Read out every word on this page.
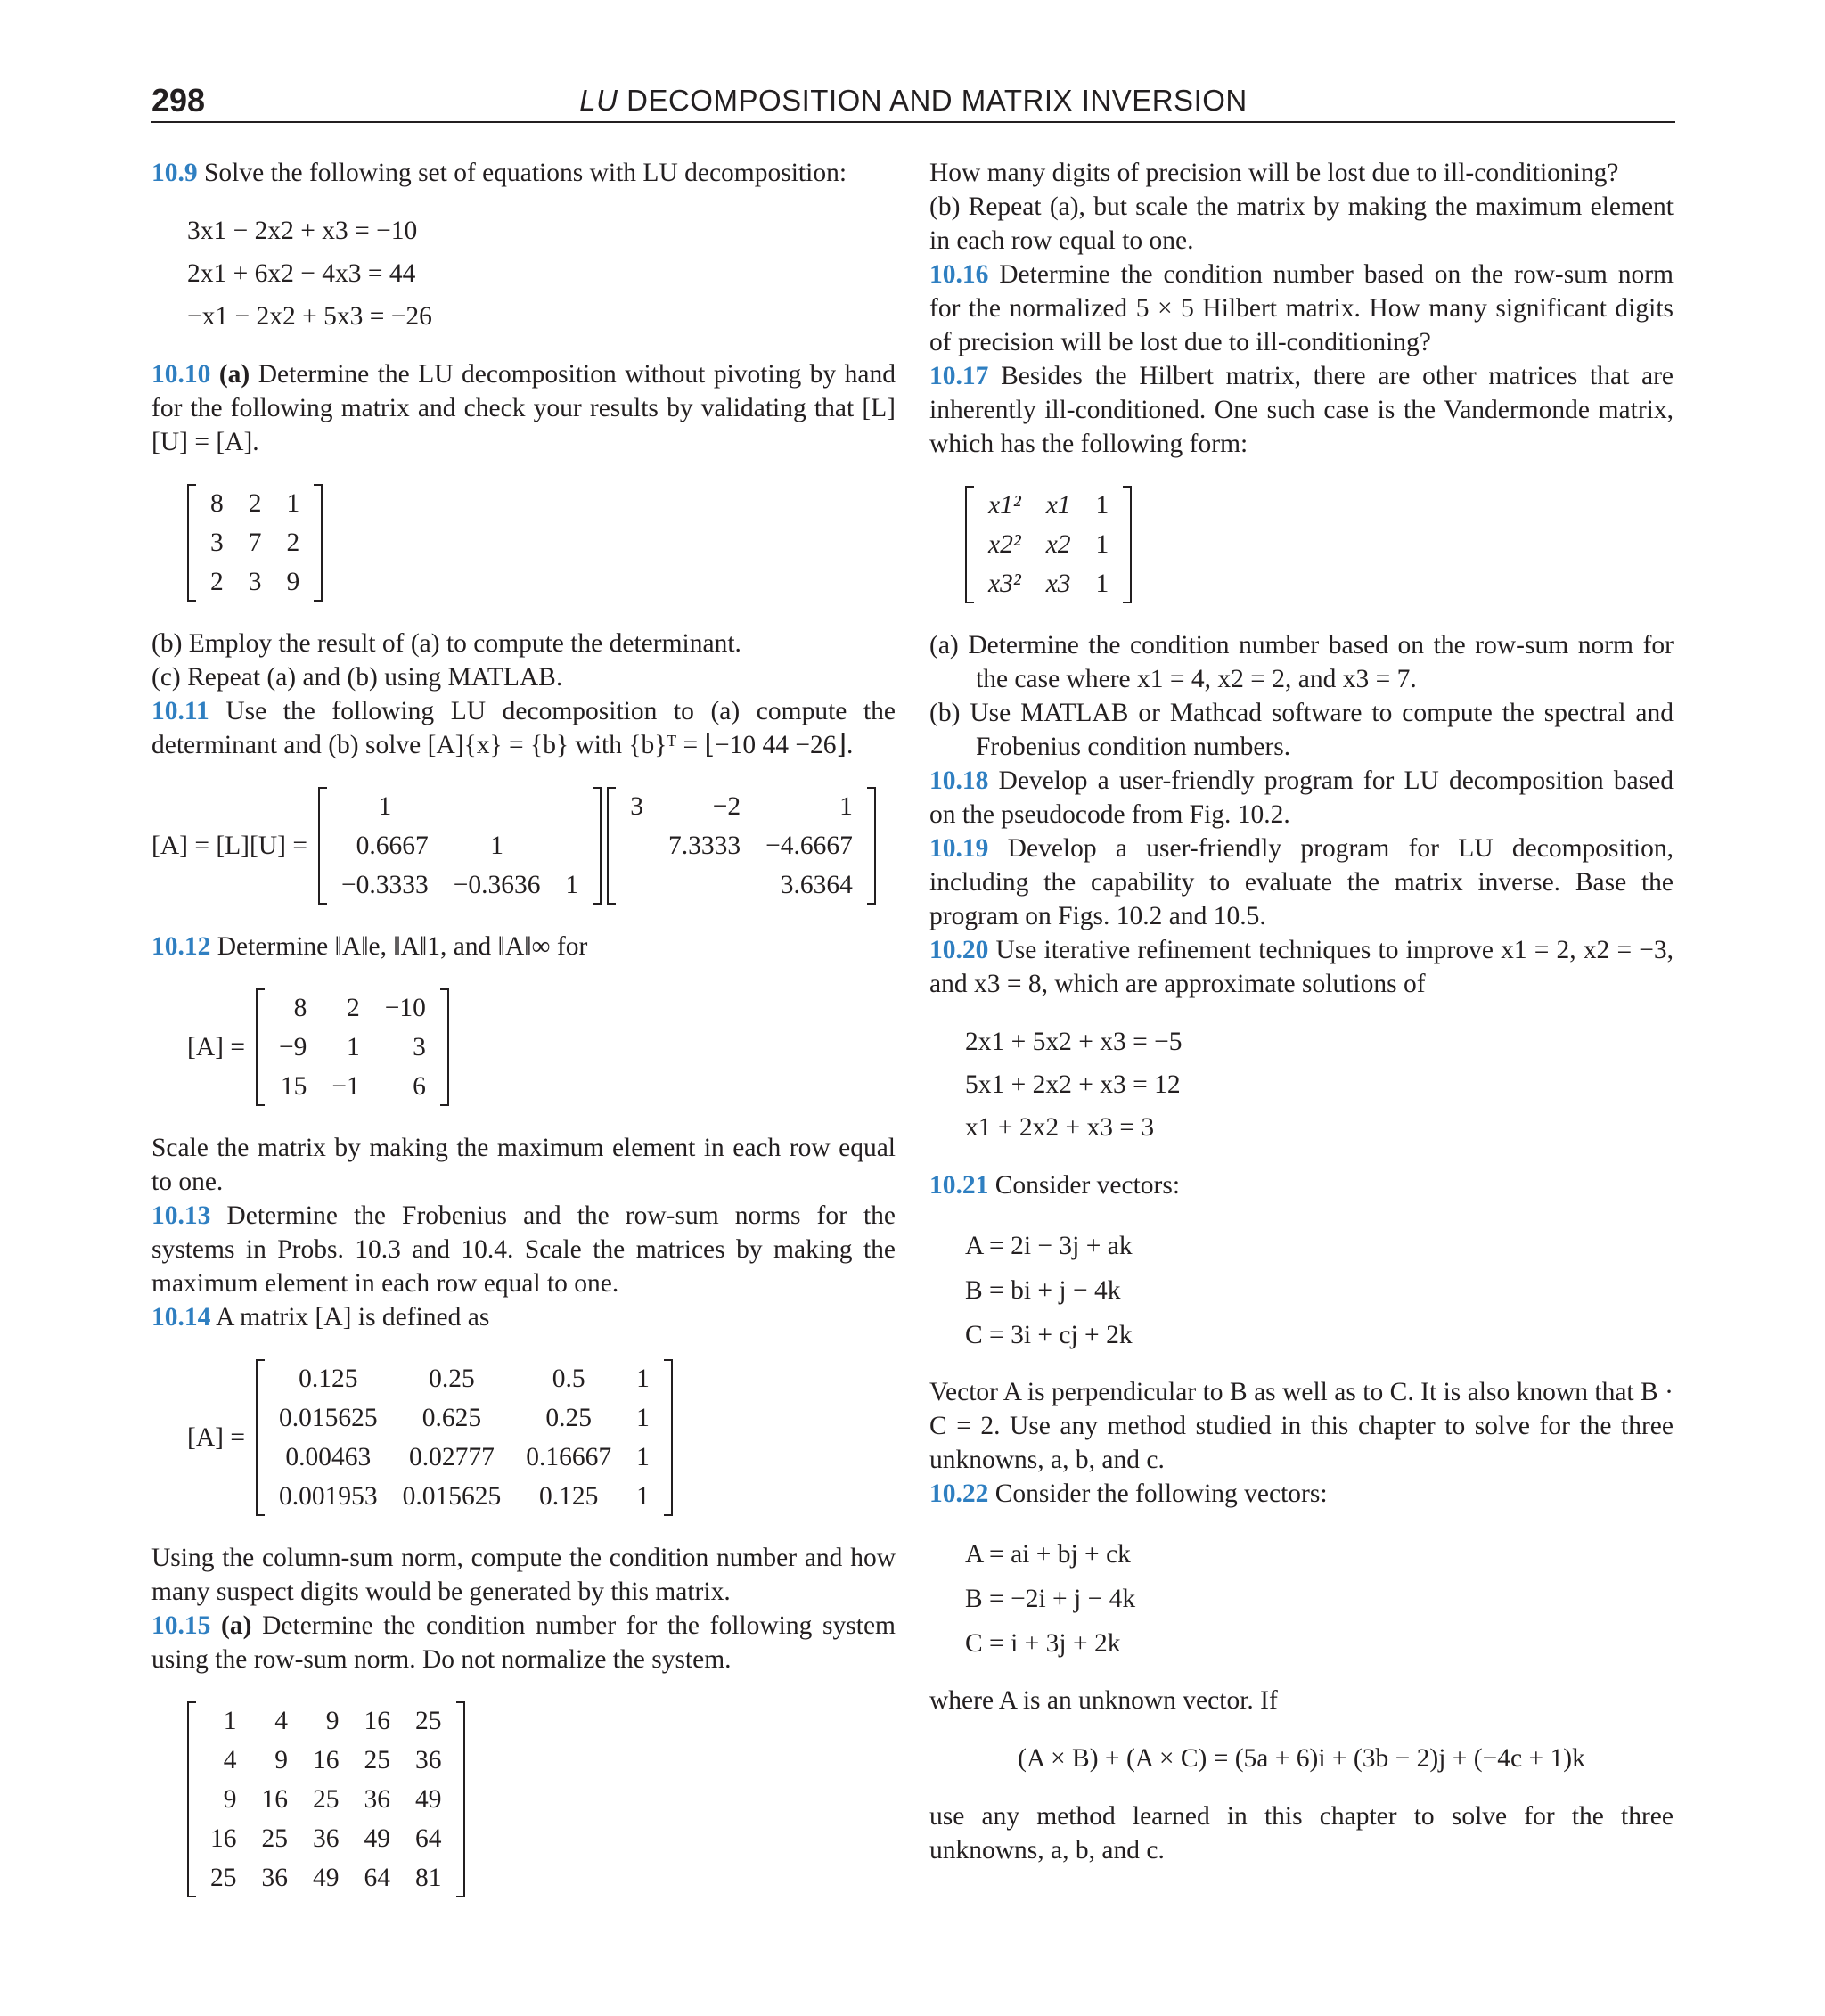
298	LU DECOMPOSITION AND MATRIX INVERSION

10.9 Solve the following set of equations with LU decomposition:

3x1 − 2x2 + x3 = −10
2x1 + 6x2 − 4x3 = 44
−x1 − 2x2 + 5x3 = −26

10.10 (a) Determine the LU decomposition without pivoting by hand for the following matrix and check your results by validating that [L][U] = [A].

8	2	1
3	7	2
2	3	9

(b) Employ the result of (a) to compute the determinant.

(c) Repeat (a) and (b) using MATLAB.

10.11 Use the following LU decomposition to (a) compute the determinant and (b) solve [A]{x} = {b} with {b}ᵀ = ⌊−10 44 −26⌋.

[A] = [L][U] =
1		
0.6667	1	
−0.3333	−0.3636	1
3	−2	1
	7.3333	−4.6667
		3.6364

10.12 Determine ‖A‖e, ‖A‖1, and ‖A‖∞ for

[A] =
8	2	−10
−9	1	3
15	−1	6

Scale the matrix by making the maximum element in each row equal to one.

10.13 Determine the Frobenius and the row-sum norms for the systems in Probs. 10.3 and 10.4. Scale the matrices by making the maximum element in each row equal to one.

10.14 A matrix [A] is defined as

[A] =
0.125	0.25	0.5	1
0.015625	0.625	0.25	1
0.00463	0.02777	0.16667	1
0.001953	0.015625	0.125	1

Using the column-sum norm, compute the condition number and how many suspect digits would be generated by this matrix.

10.15 (a) Determine the condition number for the following system using the row-sum norm. Do not normalize the system.

1	4	9	16	25
4	9	16	25	36
9	16	25	36	49
16	25	36	49	64
25	36	49	64	81

How many digits of precision will be lost due to ill-conditioning?

(b) Repeat (a), but scale the matrix by making the maximum element in each row equal to one.

10.16 Determine the condition number based on the row-sum norm for the normalized 5 × 5 Hilbert matrix. How many significant digits of precision will be lost due to ill-conditioning?

10.17 Besides the Hilbert matrix, there are other matrices that are inherently ill-conditioned. One such case is the Vandermonde matrix, which has the following form:

x1²	x1	1
x2²	x2	1
x3²	x3	1

(a) Determine the condition number based on the row-sum norm for the case where x1 = 4, x2 = 2, and x3 = 7.

(b) Use MATLAB or Mathcad software to compute the spectral and Frobenius condition numbers.

10.18 Develop a user-friendly program for LU decomposition based on the pseudocode from Fig. 10.2.

10.19 Develop a user-friendly program for LU decomposition, including the capability to evaluate the matrix inverse. Base the program on Figs. 10.2 and 10.5.

10.20 Use iterative refinement techniques to improve x1 = 2, x2 = −3, and x3 = 8, which are approximate solutions of

2x1 + 5x2 + x3 = −5
5x1 + 2x2 + x3 = 12
x1 + 2x2 + x3 = 3

10.21 Consider vectors:

A = 2i − 3j + ak
B = bi + j − 4k
C = 3i + cj + 2k

Vector A is perpendicular to B as well as to C. It is also known that B · C = 2. Use any method studied in this chapter to solve for the three unknowns, a, b, and c.

10.22 Consider the following vectors:

A = ai + bj + ck
B = −2i + j − 4k
C = i + 3j + 2k

where A is an unknown vector. If

(A × B) + (A × C) = (5a + 6)i + (3b − 2)j + (−4c + 1)k

use any method learned in this chapter to solve for the three unknowns, a, b, and c.
